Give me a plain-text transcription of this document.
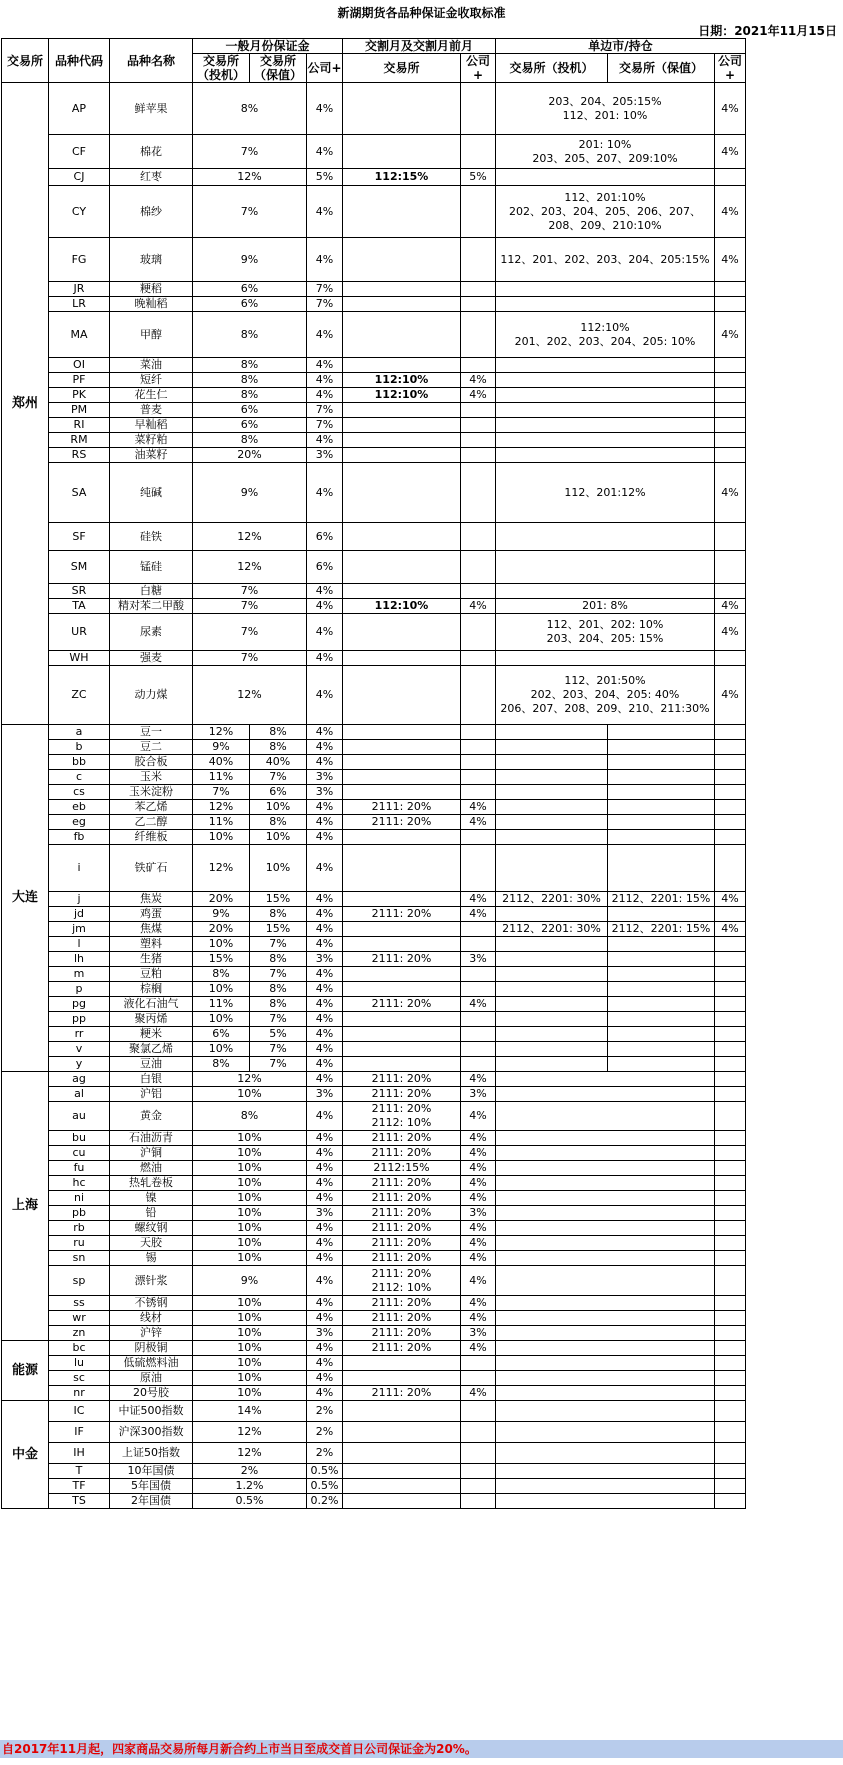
新湖期货各品种保证金收取标准
日期：2021年11月15日
交易所	品种代码	品种名称	一般月份保证金			交割月及交割月前月		单边市/持仓		
			交易所（投机）	交易所（保值）	公司+	交易所	公司+	交易所（投机）	交易所（保值）	公司+
郑州	AP	鲜苹果	8%		4%			203、204、205:15%
112、201: 10%		4%
	CF	棉花	7%		4%			201: 10%
203、205、207、209:10%		4%
	CJ	红枣	12%		5%	112:15%	5%			
	CY	棉纱	7%		4%			112、201:10%
202、203、204、205、206、207、208、209、210:10%		4%
	FG	玻璃	9%		4%			112、201、202、203、204、205:15%		4%
	JR	粳稻	6%		7%					
	LR	晚籼稻	6%		7%					
	MA	甲醇	8%		4%			112:10%
201、202、203、204、205: 10%		4%
	OI	菜油	8%		4%					
	PF	短纤	8%		4%	112:10%	4%			
	PK	花生仁	8%		4%	112:10%	4%			
	PM	普麦	6%		7%					
	RI	早籼稻	6%		7%					
	RM	菜籽粕	8%		4%					
	RS	油菜籽	20%		3%					
	SA	纯碱	9%		4%			112、201:12%		4%
	SF	硅铁	12%		6%					
	SM	锰硅	12%		6%					
	SR	白糖	7%		4%					
	TA	精对苯二甲酸	7%		4%	112:10%	4%	201: 8%		4%
	UR	尿素	7%		4%			112、201、202: 10%
203、204、205: 15%		4%
	WH	强麦	7%		4%					
	ZC	动力煤	12%		4%			112、201:50%
202、203、204、205: 40%
206、207、208、209、210、211:30%		4%
大连	a	豆一	12%	8%	4%					
	b	豆二	9%	8%	4%					
	bb	胶合板	40%	40%	4%					
	c	玉米	11%	7%	3%					
	cs	玉米淀粉	7%	6%	3%					
	eb	苯乙烯	12%	10%	4%	2111: 20%	4%			
	eg	乙二醇	11%	8%	4%	2111: 20%	4%			
	fb	纤维板	10%	10%	4%					
	i	铁矿石	12%	10%	4%					
	j	焦炭	20%	15%	4%		4%	2112、2201: 30%	2112、2201: 15%	4%
	jd	鸡蛋	9%	8%	4%	2111: 20%	4%			
	jm	焦煤	20%	15%	4%			2112、2201: 30%	2112、2201: 15%	4%
	l	塑料	10%	7%	4%					
	lh	生猪	15%	8%	3%	2111: 20%	3%			
	m	豆粕	8%	7%	4%					
	p	棕榈	10%	8%	4%					
	pg	液化石油气	11%	8%	4%	2111: 20%	4%			
	pp	聚丙烯	10%	7%	4%					
	rr	粳米	6%	5%	4%					
	v	聚氯乙烯	10%	7%	4%					
	y	豆油	8%	7%	4%					
上海	ag	白银	12%		4%	2111: 20%	4%			
	al	沪铝	10%		3%	2111: 20%	3%			
	au	黄金	8%		4%	2111: 20%
2112: 10%	4%			
	bu	石油沥青	10%		4%	2111: 20%	4%			
	cu	沪铜	10%		4%	2111: 20%	4%			
	fu	燃油	10%		4%	2112:15%	4%			
	hc	热轧卷板	10%		4%	2111: 20%	4%			
	ni	镍	10%		4%	2111: 20%	4%			
	pb	铅	10%		3%	2111: 20%	3%			
	rb	螺纹钢	10%		4%	2111: 20%	4%			
	ru	天胶	10%		4%	2111: 20%	4%			
	sn	锡	10%		4%	2111: 20%	4%			
	sp	漂针浆	9%		4%	2111: 20%
2112: 10%	4%			
	ss	不锈钢	10%		4%	2111: 20%	4%			
	wr	线材	10%		4%	2111: 20%	4%			
	zn	沪锌	10%		3%	2111: 20%	3%			
能源	bc	阴极铜	10%		4%	2111: 20%	4%			
	lu	低硫燃料油	10%		4%					
	sc	原油	10%		4%					
	nr	20号胶	10%		4%	2111: 20%	4%			
中金	IC	中证500指数	14%		2%					
	IF	沪深300指数	12%		2%					
	IH	上证50指数	12%		2%					
	T	10年国债	2%		0.5%					
	TF	5年国债	1.2%		0.5%					
	TS	2年国债	0.5%		0.2%					
自2017年11月起，四家商品交易所每月新合约上市当日至成交首日公司保证金为20%。
